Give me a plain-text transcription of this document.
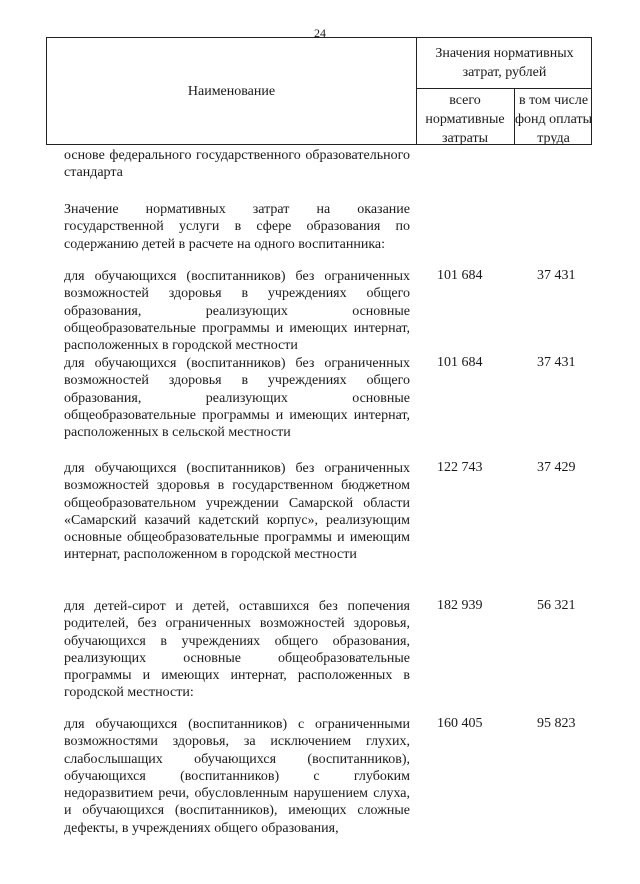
24
Наименование
Значения нормативных затрат, рублей
всего нормативные затраты
в том числе фонд оплаты труда
основе федерального государственного образовательного стандарта
Значение нормативных затрат на оказание государственной услуги в сфере образования по содержанию детей в расчете на одного воспитанника:
для обучающихся (воспитанников) без ограниченных возможностей здоровья в учреждениях общего образования, реализующих основные общеобразовательные программы и имеющих интернат, расположенных в городской местности
101 684	37 431
для обучающихся (воспитанников) без ограниченных возможностей здоровья в учреждениях общего образования, реализующих основные общеобразовательные программы и имеющих интернат, расположенных в сельской местности
101 684	37 431
для обучающихся (воспитанников) без ограниченных возможностей здоровья в государственном бюджетном общеобразовательном учреждении Самарской области «Самарский казачий кадетский корпус», реализующим основные общеобразовательные программы и имеющим интернат, расположенном в городской местности
122 743	37 429
для детей-сирот и детей, оставшихся без попечения родителей, без ограниченных возможностей здоровья, обучающихся в учреждениях общего образования, реализующих основные общеобразовательные программы и имеющих интернат, расположенных в городской местности:
182 939	56 321
для обучающихся (воспитанников) с ограниченными возможностями здоровья, за исключением глухих, слабослышащих обучающихся (воспитанников), обучающихся (воспитанников) с глубоким недоразвитием речи, обусловленным нарушением слуха, и обучающихся (воспитанников), имеющих сложные дефекты, в учреждениях общего образования,
160 405	95 823
